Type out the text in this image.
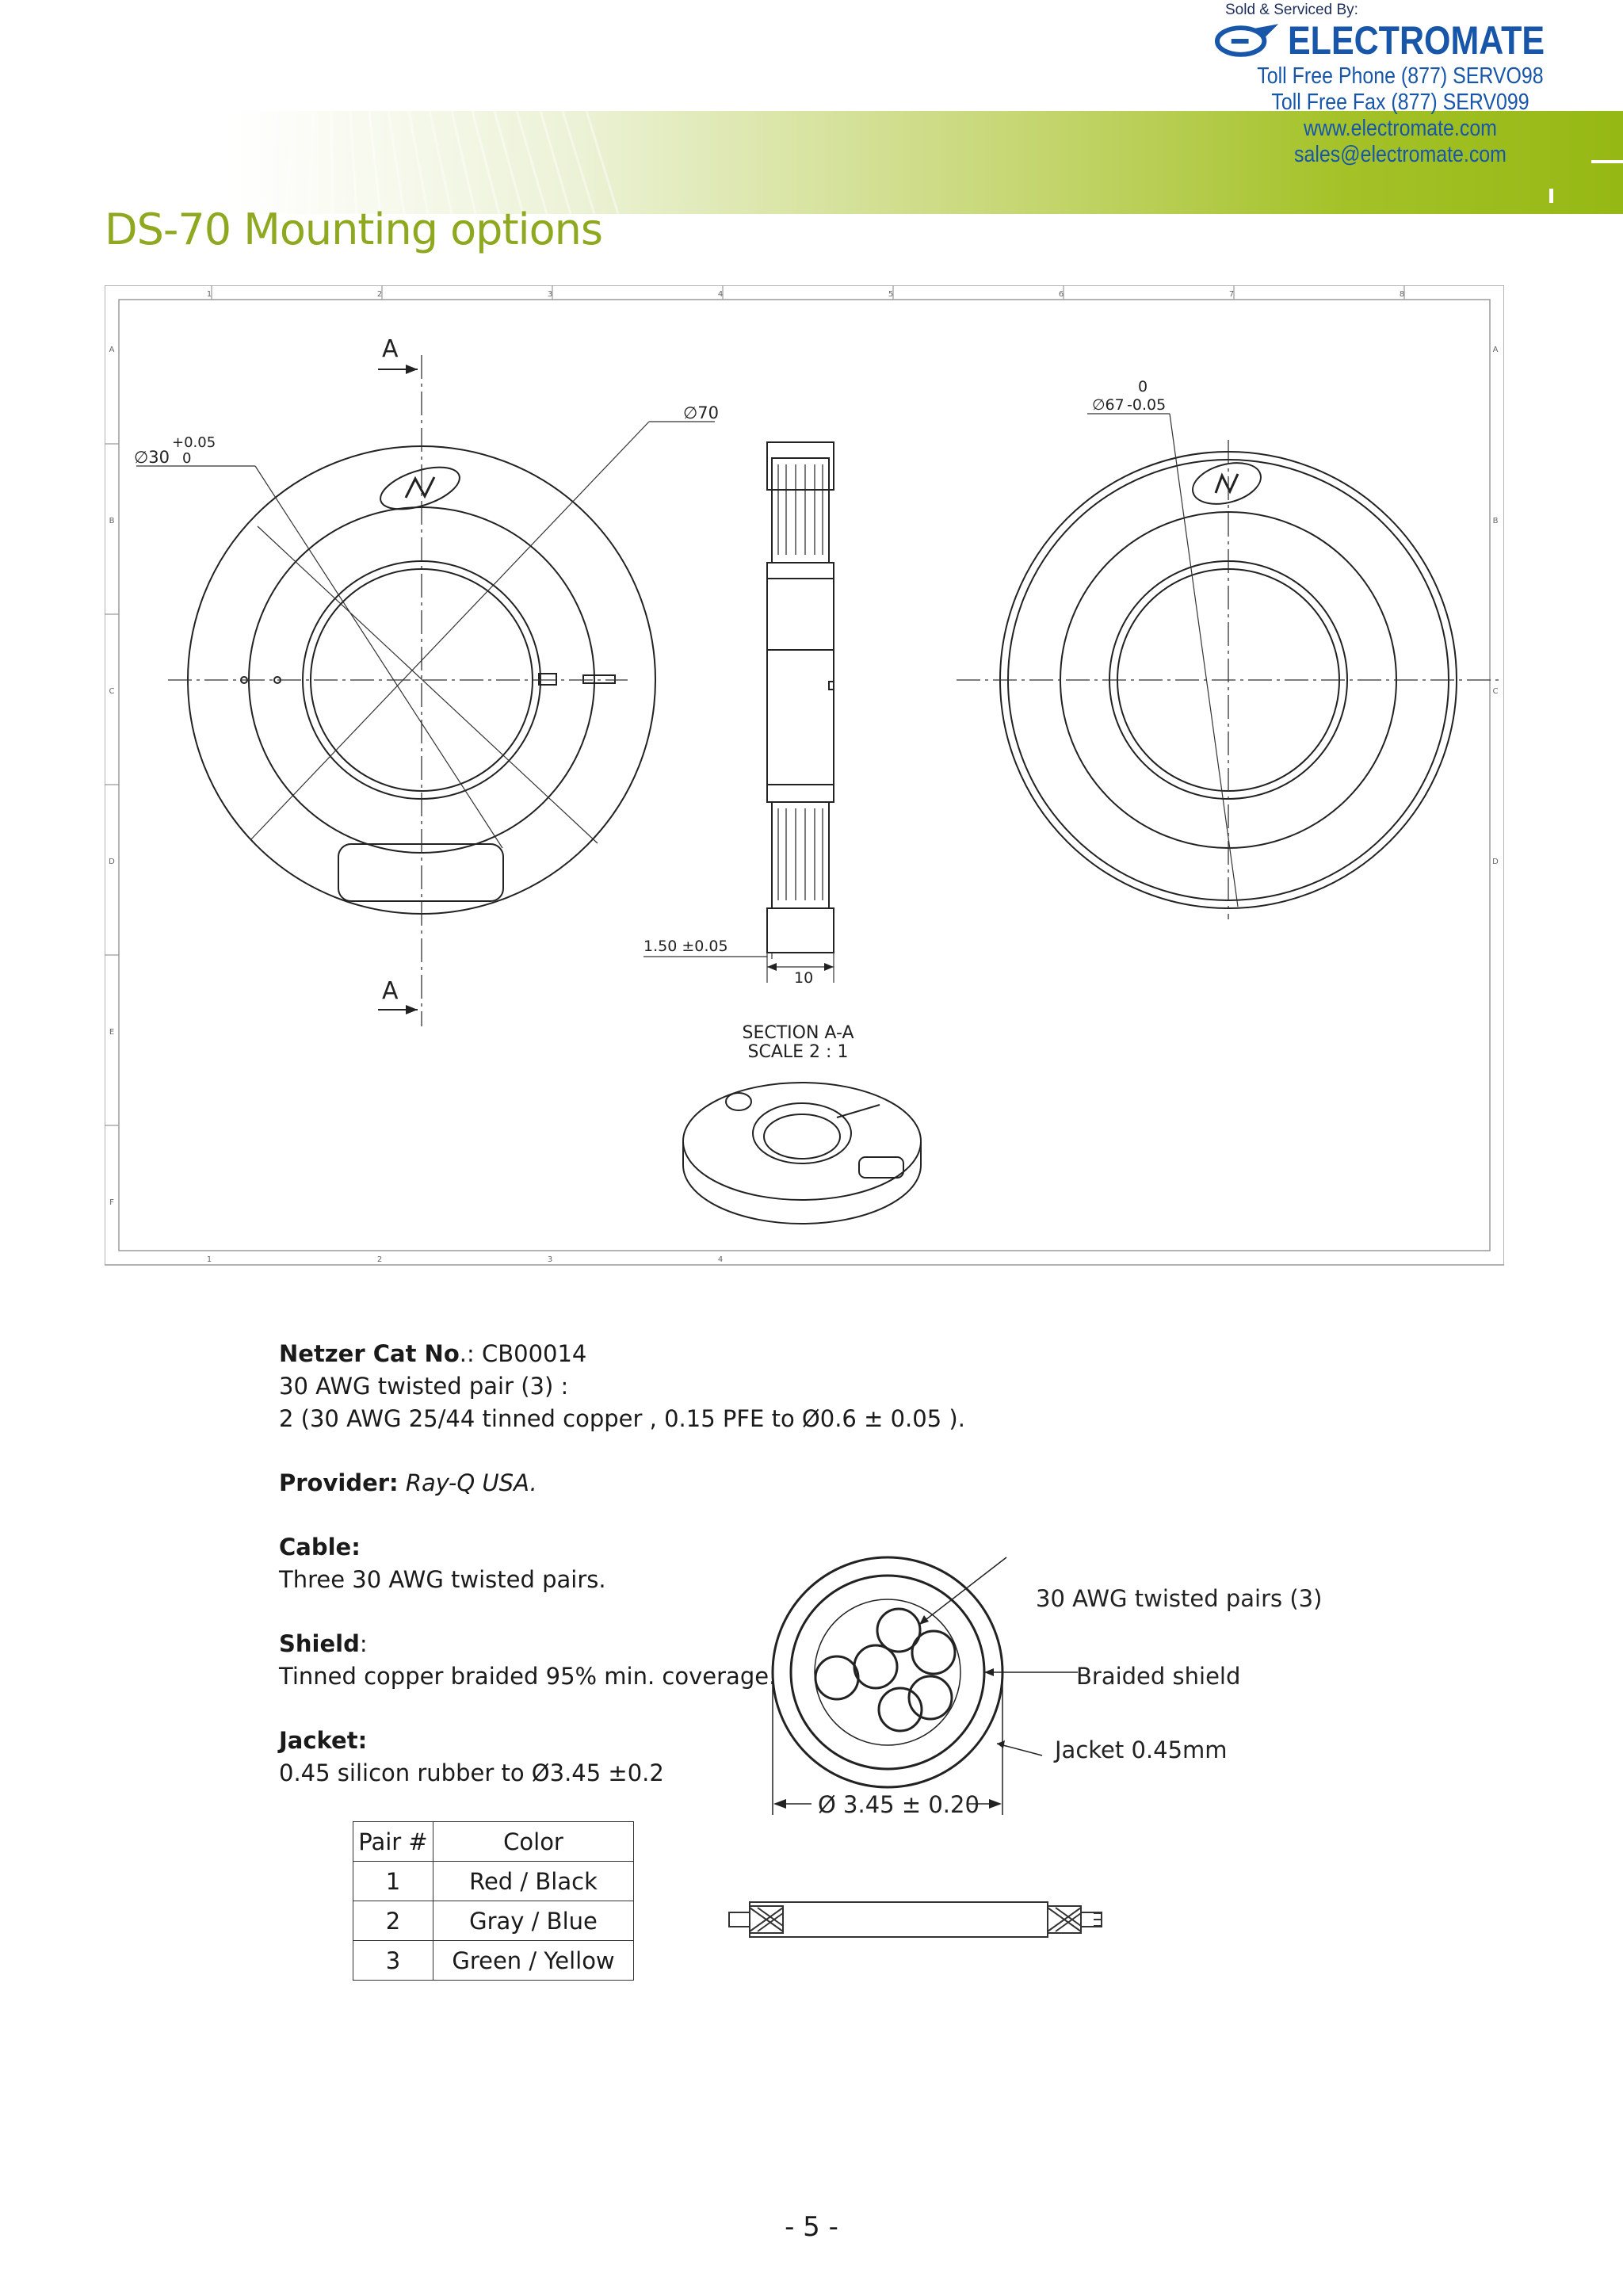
Sold & Serviced By:
ELECTROMATE
Toll Free Phone (877) SERVO98
Toll Free Fax (877) SERV099
www.electromate.com
sales@electromate.com
DS-70 Mounting options
1	2	3	4	5	6	7	8
A
B
C
D
E
F
A
B
C
D
1	2	3	4
∅30
+0.05
0
∅70
A
A
1.50 ±0.05
10
SECTION A-A
SCALE 2 : 1
0
∅67 -0.05

Netzer Cat No.: CB00014

30 AWG twisted pair (3) :

2 (30 AWG 25/44 tinned copper , 0.15 PFE to Ø0.6 ± 0.05 ).

Provider: Ray-Q USA.

Cable:

Three 30 AWG twisted pairs.

Shield:

Tinned copper braided 95% min. coverage.

Jacket:

0.45 silicon rubber to Ø3.45 ±0.2

Pair #	Color
1	Red / Black
2	Gray / Blue
3	Green / Yellow
30 AWG twisted pairs (3)
Braided shield
Jacket 0.45mm
Ø 3.45 ± 0.20
- 5 -
